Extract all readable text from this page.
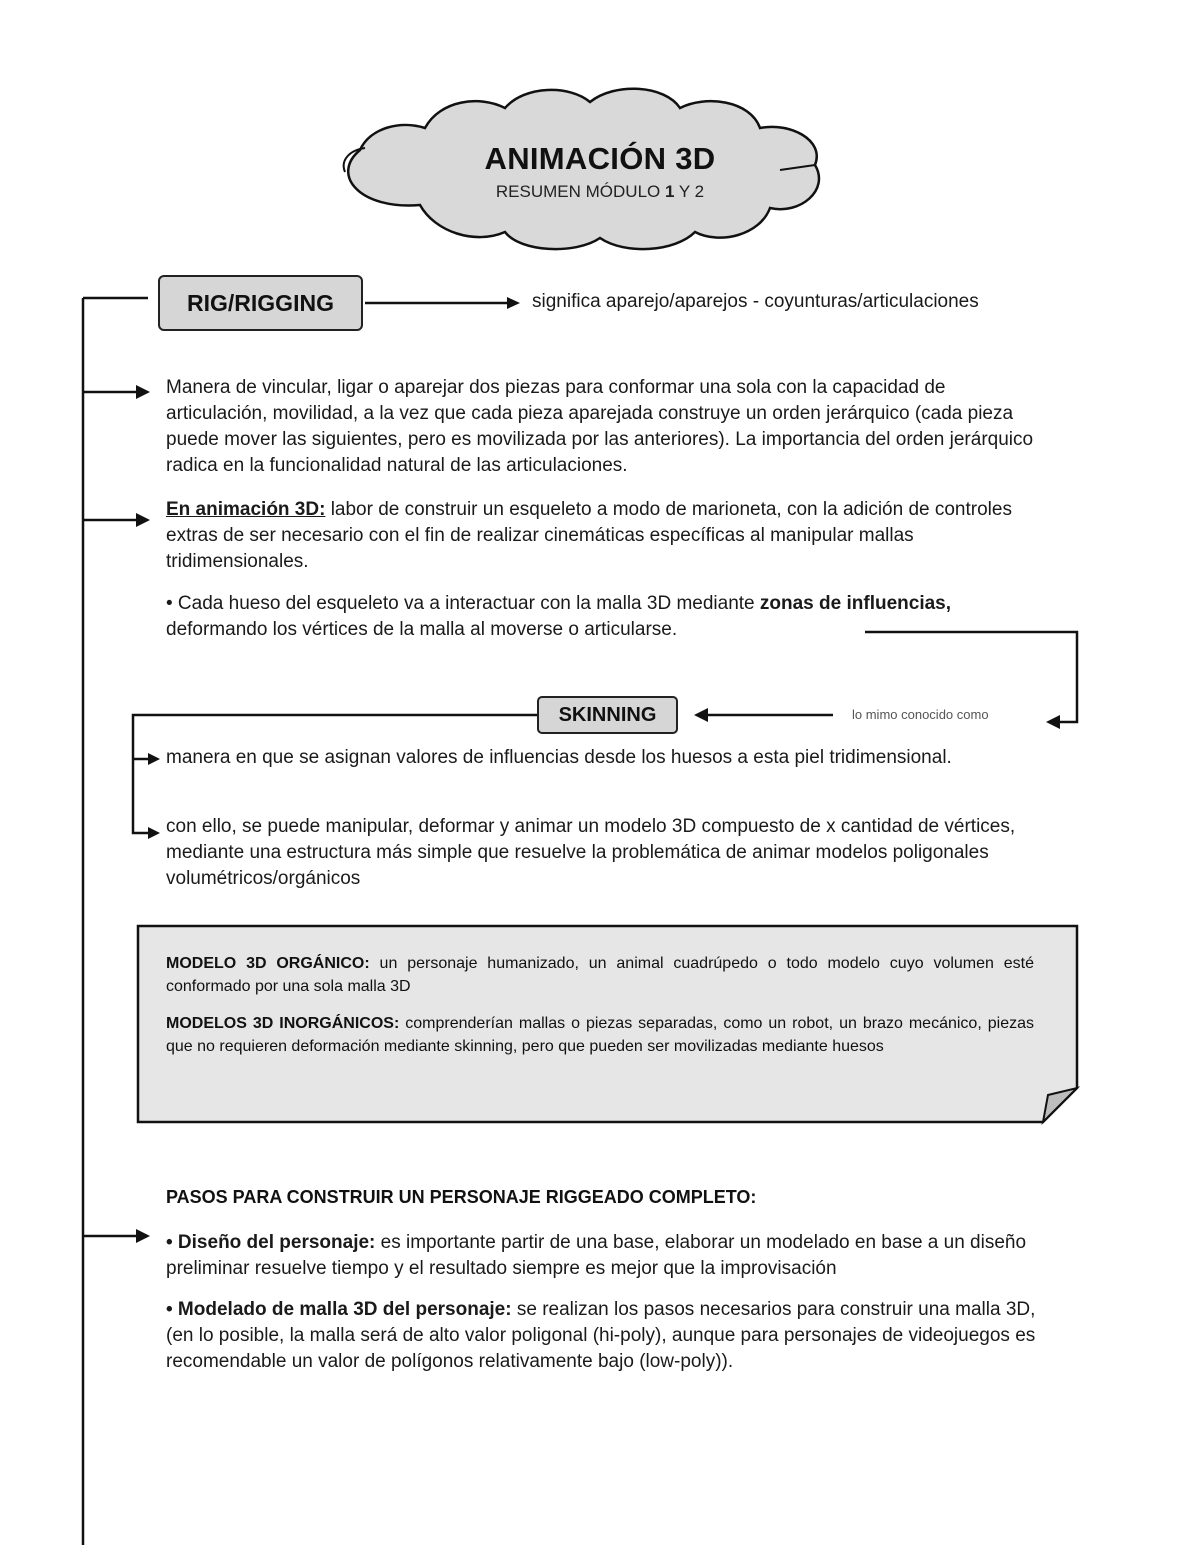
ANIMACIÓN 3D
RESUMEN MÓDULO 1 Y 2
RIG/RIGGING	significa aparejo/aparejos - coyunturas/articulaciones
Manera de vincular, ligar o aparejar dos piezas para conformar una sola con la capacidad de articulación, movilidad, a la vez que cada pieza aparejada construye un orden jerárquico (cada pieza puede mover las siguientes, pero es movilizada por las anteriores). La importancia del orden jerárquico radica en la funcionalidad natural de las articulaciones.
En animación 3D: labor de construir un esqueleto a modo de marioneta, con la adición de controles extras de ser necesario con el fin de realizar cinemáticas específicas al manipular mallas tridimensionales.
• Cada hueso del esqueleto va a interactuar con la malla 3D mediante zonas de influencias, deformando los vértices de la malla al moverse o articularse.
SKINNING	lo mimo conocido como
manera en que se asignan valores de influencias desde los huesos a esta piel tridimensional.
con ello, se puede manipular, deformar y animar un modelo 3D compuesto de x cantidad de vértices, mediante una estructura más simple que resuelve la problemática de animar modelos poligonales volumétricos/orgánicos

MODELO 3D ORGÁNICO: un personaje humanizado, un animal cuadrúpedo o todo modelo cuyo volumen esté conformado por una sola malla 3D

MODELOS 3D INORGÁNICOS: comprenderían mallas o piezas separadas, como un robot, un brazo mecánico, piezas que no requieren deformación mediante skinning, pero que pueden ser movilizadas mediante huesos

PASOS PARA CONSTRUIR UN PERSONAJE RIGGEADO COMPLETO:
• Diseño del personaje: es importante partir de una base, elaborar un modelado en base a un diseño preliminar resuelve tiempo y el resultado siempre es mejor que la improvisación
• Modelado de malla 3D del personaje: se realizan los pasos necesarios para construir una malla 3D, (en lo posible, la malla será de alto valor poligonal (hi-poly), aunque para personajes de videojuegos es recomendable un valor de polígonos relativamente bajo (low-poly)).
